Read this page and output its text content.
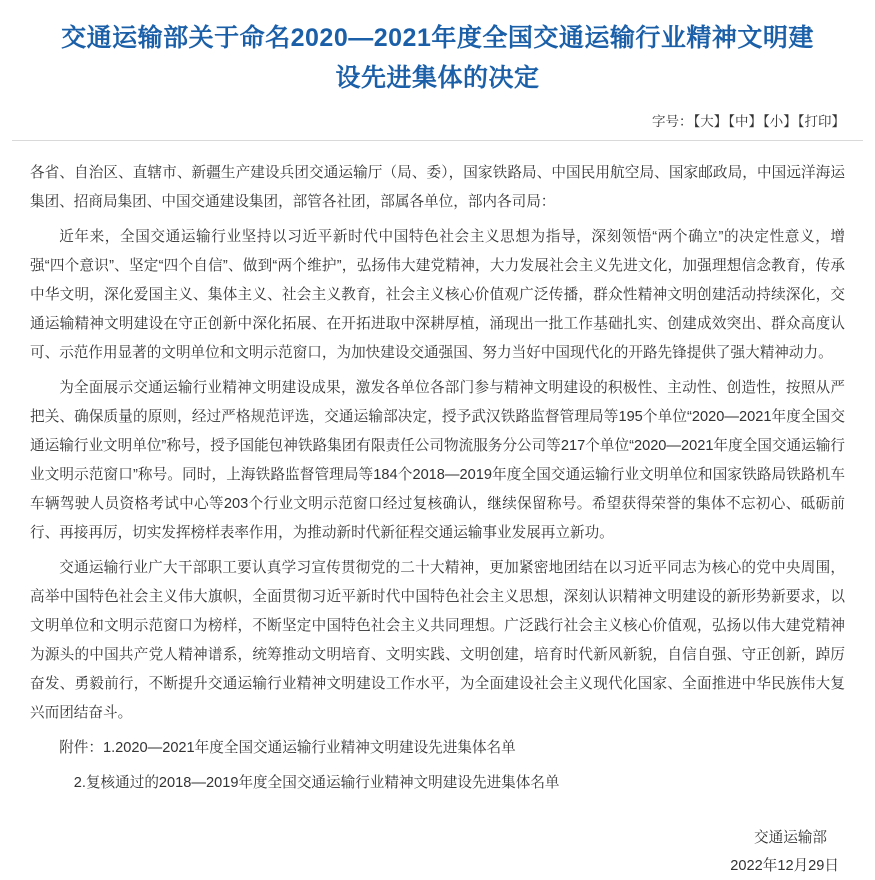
交通运输部关于命名2020—2021年度全国交通运输行业精神文明建设先进集体的决定
字号：【大】【中】【小】【打印】

各省、自治区、直辖市、新疆生产建设兵团交通运输厅（局、委），国家铁路局、中国民用航空局、国家邮政局，中国远洋海运集团、招商局集团、中国交通建设集团，部管各社团，部属各单位，部内各司局：

近年来，全国交通运输行业坚持以习近平新时代中国特色社会主义思想为指导，深刻领悟“两个确立”的决定性意义，增强“四个意识”、坚定“四个自信”、做到“两个维护”，弘扬伟大建党精神，大力发展社会主义先进文化，加强理想信念教育，传承中华文明，深化爱国主义、集体主义、社会主义教育，社会主义核心价值观广泛传播，群众性精神文明创建活动持续深化，交通运输精神文明建设在守正创新中深化拓展、在开拓进取中深耕厚植，涌现出一批工作基础扎实、创建成效突出、群众高度认可、示范作用显著的文明单位和文明示范窗口，为加快建设交通强国、努力当好中国现代化的开路先锋提供了强大精神动力。

为全面展示交通运输行业精神文明建设成果，激发各单位各部门参与精神文明建设的积极性、主动性、创造性，按照从严把关、确保质量的原则，经过严格规范评选，交通运输部决定，授予武汉铁路监督管理局等195个单位“2020—2021年度全国交通运输行业文明单位”称号，授予国能包神铁路集团有限责任公司物流服务分公司等217个单位“2020—2021年度全国交通运输行业文明示范窗口”称号。同时，上海铁路监督管理局等184个2018—2019年度全国交通运输行业文明单位和国家铁路局铁路机车车辆驾驶人员资格考试中心等203个行业文明示范窗口经过复核确认，继续保留称号。希望获得荣誉的集体不忘初心、砥砺前行、再接再厉，切实发挥榜样表率作用，为推动新时代新征程交通运输事业发展再立新功。

交通运输行业广大干部职工要认真学习宣传贯彻党的二十大精神，更加紧密地团结在以习近平同志为核心的党中央周围，高举中国特色社会主义伟大旗帜，全面贯彻习近平新时代中国特色社会主义思想，深刻认识精神文明建设的新形势新要求，以文明单位和文明示范窗口为榜样，不断坚定中国特色社会主义共同理想。广泛践行社会主义核心价值观，弘扬以伟大建党精神为源头的中国共产党人精神谱系，统筹推动文明培育、文明实践、文明创建，培育时代新风新貌，自信自强、守正创新，踔厉奋发、勇毅前行，不断提升交通运输行业精神文明建设工作水平，为全面建设社会主义现代化国家、全面推进中华民族伟大复兴而团结奋斗。

附件：1.2020—2021年度全国交通运输行业精神文明建设先进集体名单

2.复核通过的2018—2019年度全国交通运输行业精神文明建设先进集体名单

交通运输部
2022年12月29日
